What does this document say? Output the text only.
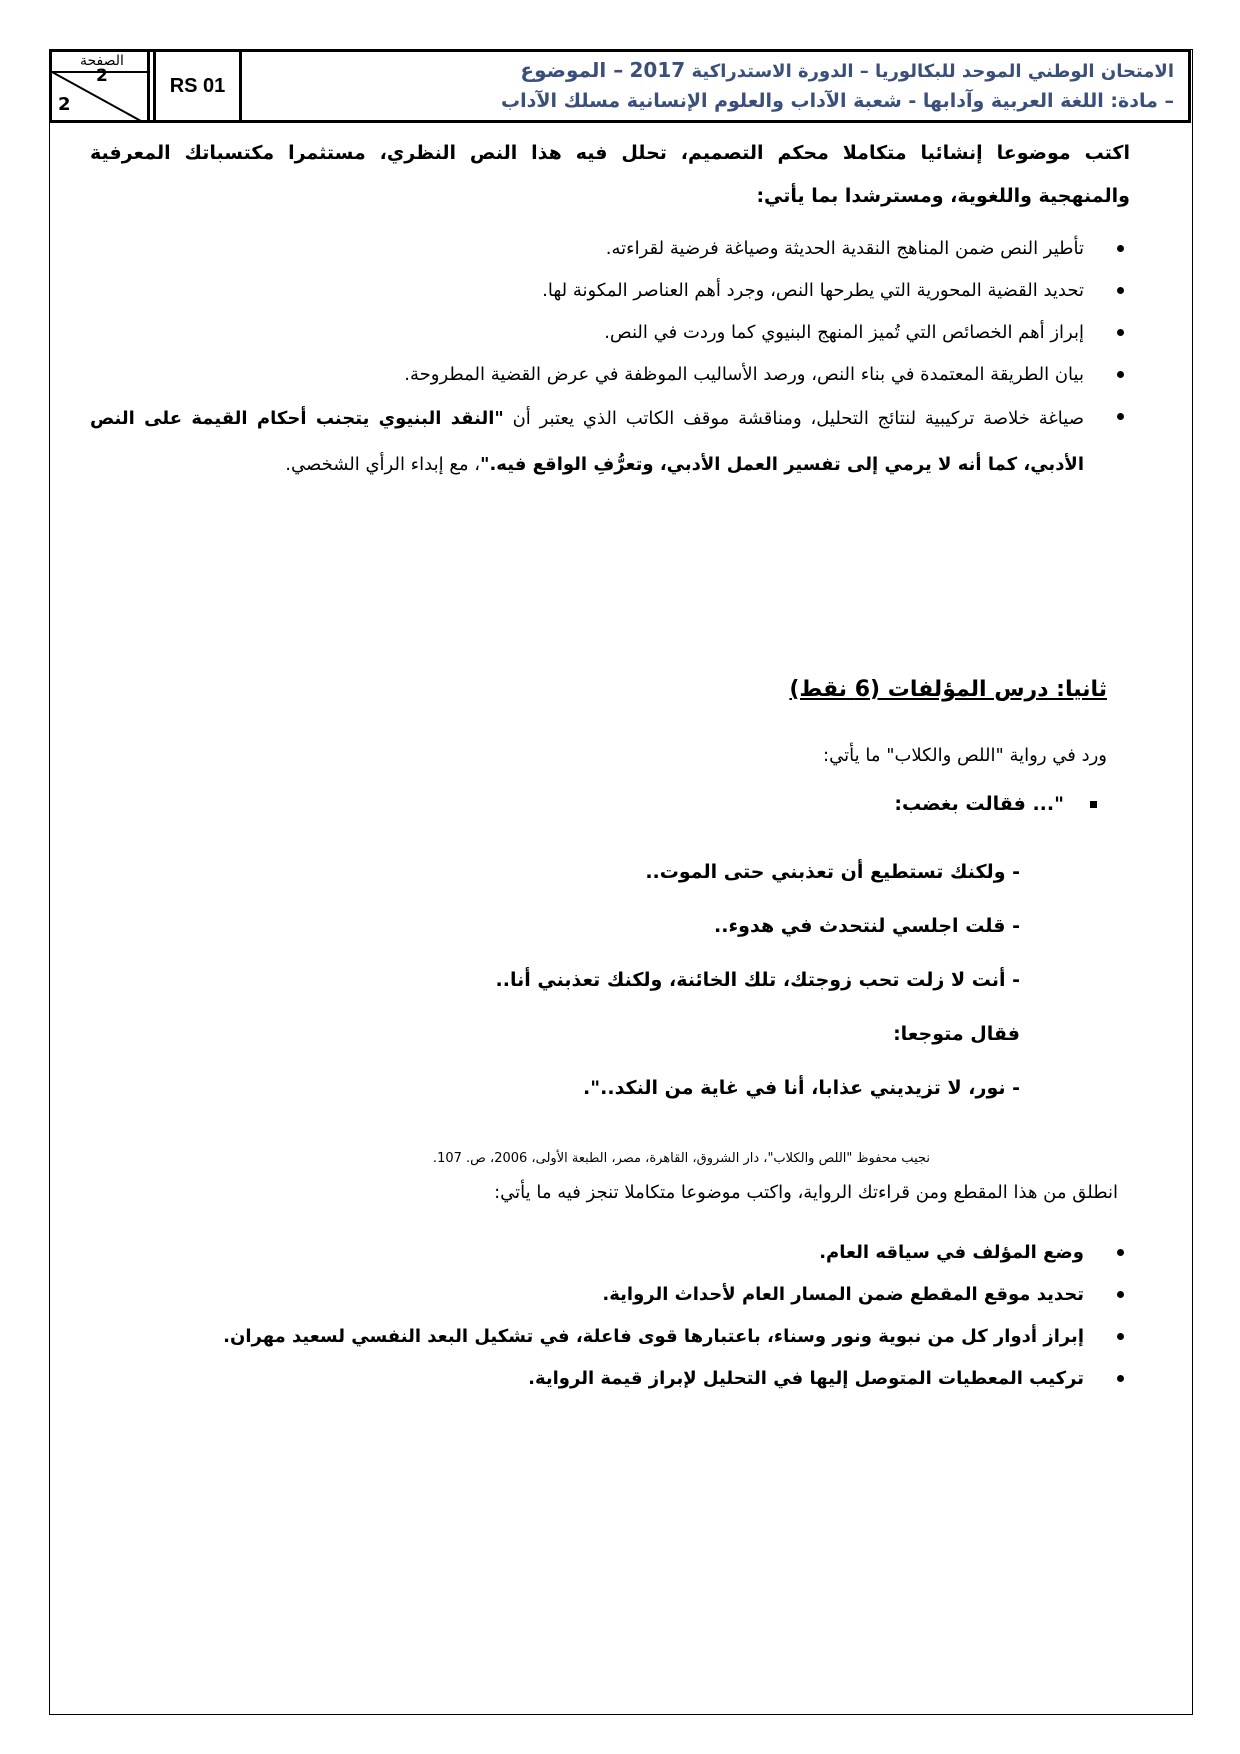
الصفحة
2
2
RS 01
الامتحان الوطني الموحد للبكالوريا – الدورة الاستدراكية 2017 – الموضوع
– مادة: اللغة العربية وآدابها - شعبة الآداب والعلوم الإنسانية مسلك الآداب

اكتب موضوعا إنشائيا متكاملا محكم التصميم، تحلل فيه هذا النص النظري، مستثمرا مكتسباتك المعرفية والمنهجية واللغوية، ومسترشدا بما يأتي:

تأطير النص ضمن المناهج النقدية الحديثة وصياغة فرضية لقراءته.
تحديد القضية المحورية التي يطرحها النص، وجرد أهم العناصر المكونة لها.
إبراز أهم الخصائص التي تُميز المنهج البنيوي كما وردت في النص.
بيان الطريقة المعتمدة في بناء النص، ورصد الأساليب الموظفة في عرض القضية المطروحة.
صياغة خلاصة تركيبية لنتائج التحليل، ومناقشة موقف الكاتب الذي يعتبر أن "النقد البنيوي يتجنب أحكام القيمة على النص الأدبي، كما أنه لا يرمي إلى تفسير العمل الأدبي، وتعرُّفِ الواقع فيه."، مع إبداء الرأي الشخصي.
ثانيا: درس المؤلفات (6 نقط)

ورد في رواية "اللص والكلاب" ما يأتي:

"... فقالت بغضب:

- ولكنك تستطيع أن تعذبني حتى الموت..
- قلت اجلسي لنتحدث في هدوء..
- أنت لا زلت تحب زوجتك، تلك الخائنة، ولكنك تعذبني أنا..
فقال متوجعا:
- نور، لا تزيديني عذابا، أنا في غاية من النكد..".

نجيب محفوظ "اللص والكلاب"، دار الشروق، القاهرة، مصر، الطبعة الأولى، 2006، ص. 107.

انطلق من هذا المقطع ومن قراءتك الرواية، واكتب موضوعا متكاملا تنجز فيه ما يأتي:

وضع المؤلف في سياقه العام.
تحديد موقع المقطع ضمن المسار العام لأحداث الرواية.
إبراز أدوار كل من نبوية ونور وسناء، باعتبارها قوى فاعلة، في تشكيل البعد النفسي لسعيد مهران.
تركيب المعطيات المتوصل إليها في التحليل لإبراز قيمة الرواية.
